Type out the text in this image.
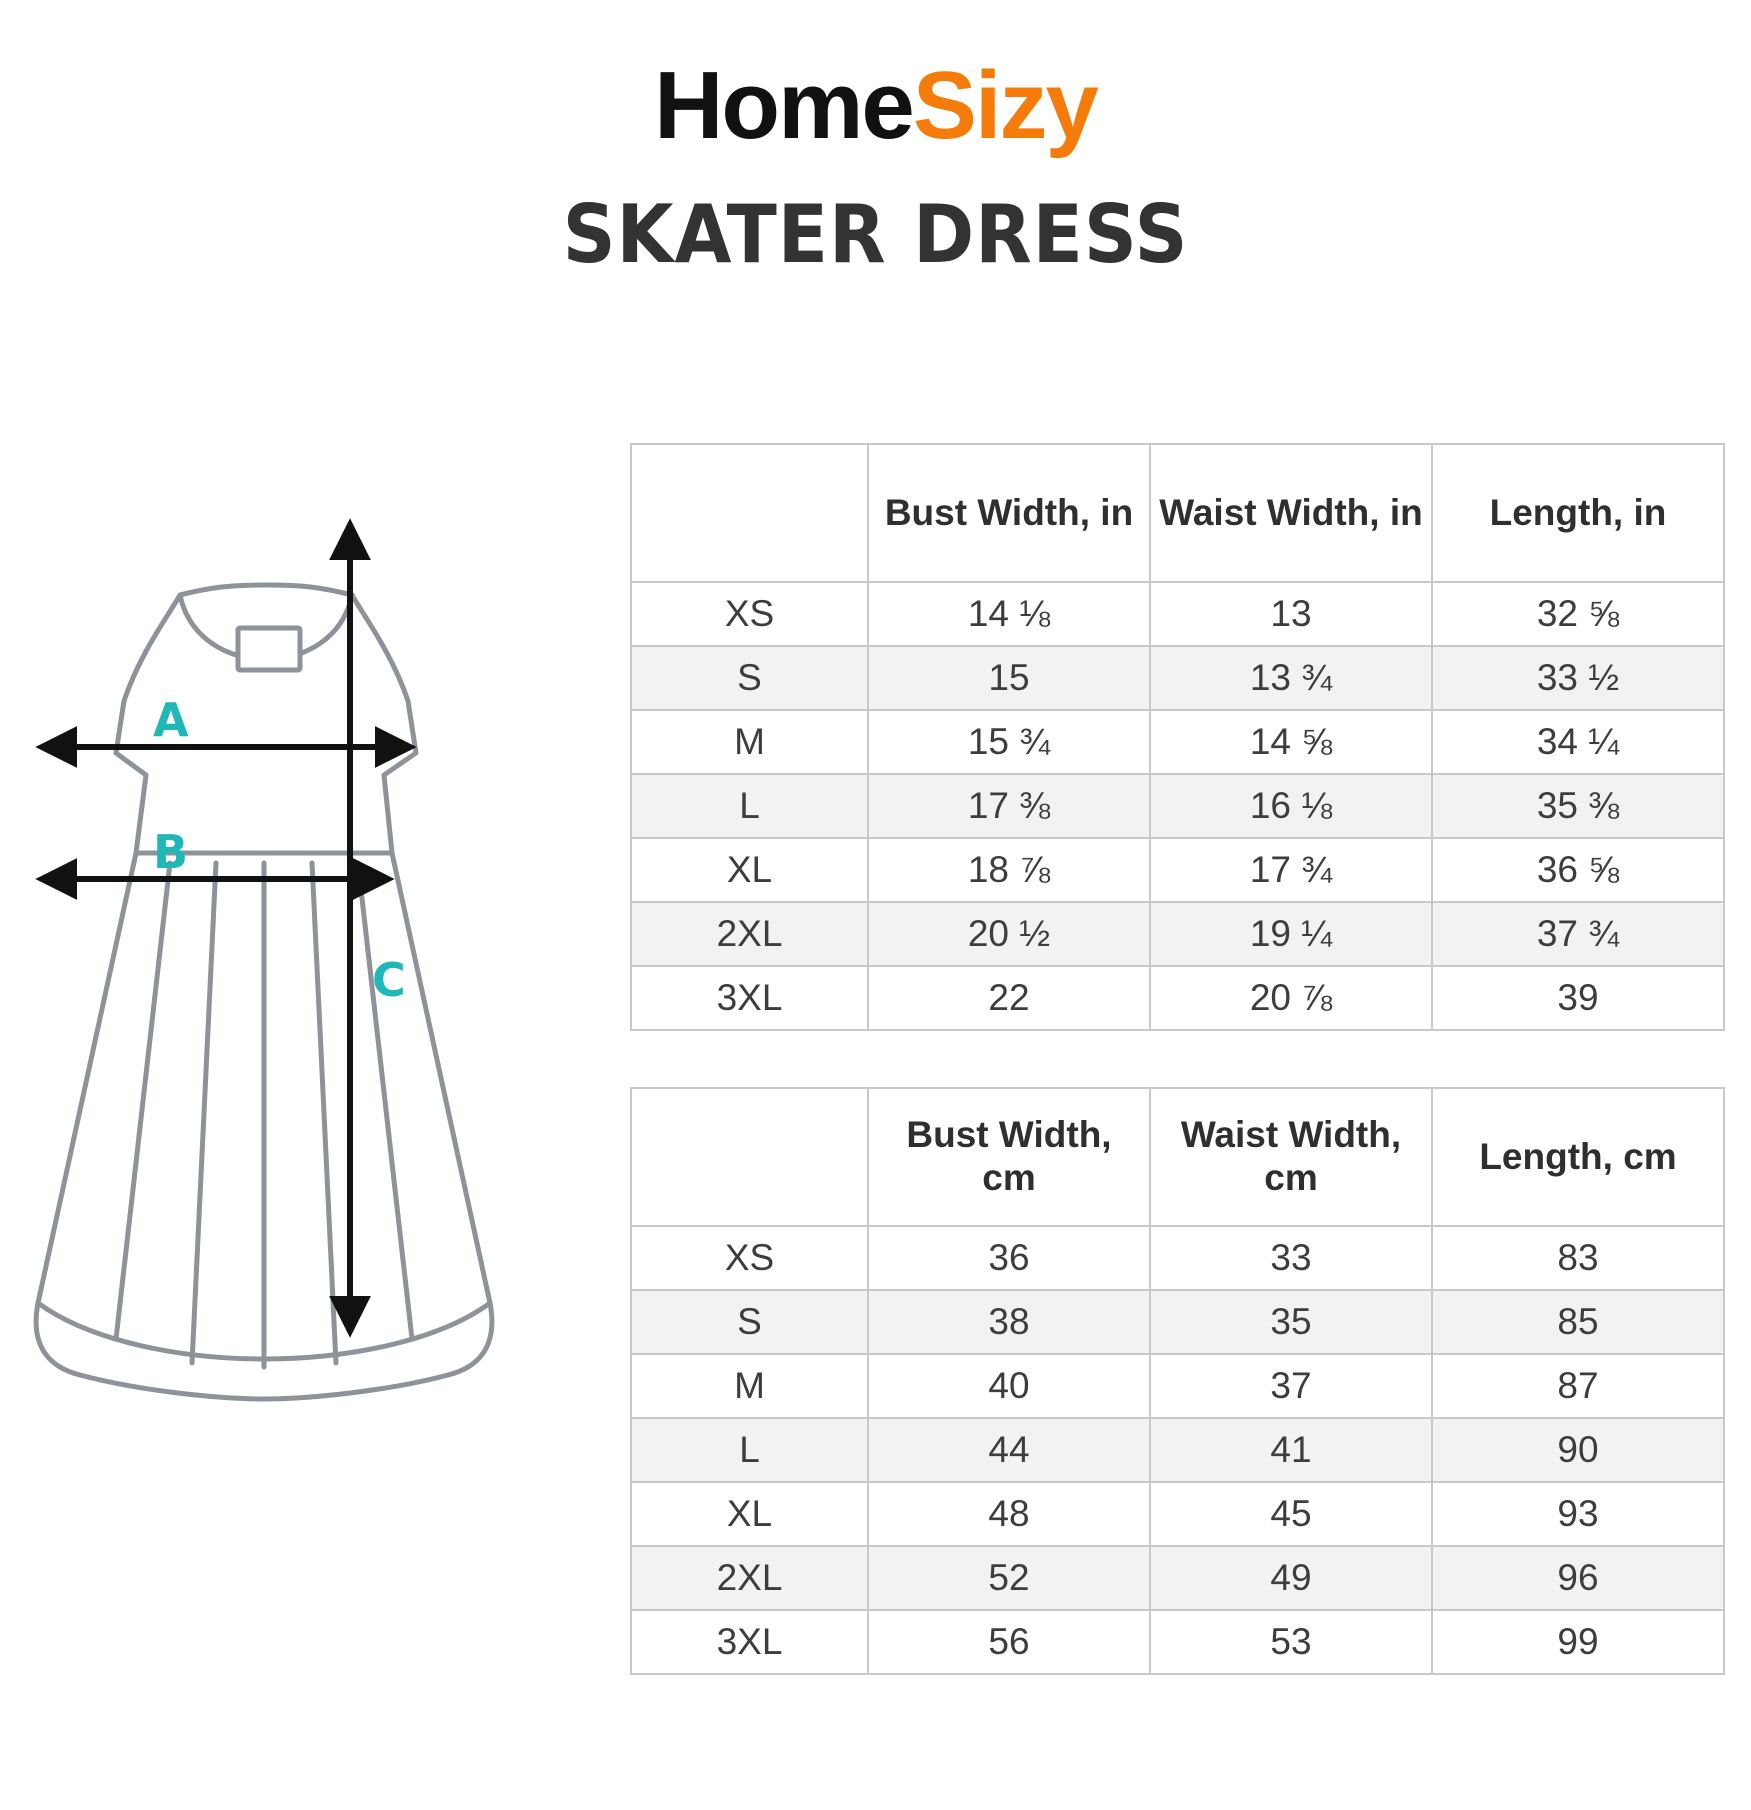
HomeSizy
SKATER DRESS
A
B
C
	Bust Width, in	Waist Width, in	Length, in
XS	14 ⅛	13	32 ⅝
S	15	13 ¾	33 ½
M	15 ¾	14 ⅝	34 ¼
L	17 ⅜	16 ⅛	35 ⅜
XL	18 ⅞	17 ¾	36 ⅝
2XL	20 ½	19 ¼	37 ¾
3XL	22	20 ⅞	39
	Bust Width, cm	Waist Width, cm	Length, cm
XS	36	33	83
S	38	35	85
M	40	37	87
L	44	41	90
XL	48	45	93
2XL	52	49	96
3XL	56	53	99
